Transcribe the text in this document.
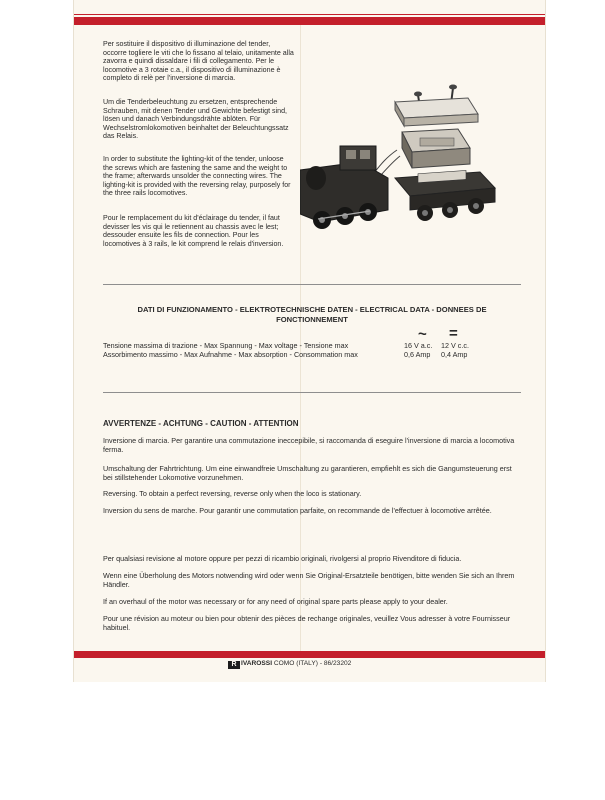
Per sostituire il dispositivo di illuminazione del tender, occorre togliere le viti che lo fissano al telaio, unitamente alla zavorra e quindi dissaldare i fili di collegamento. Per le locomotive a 3 rotaie c.a., il dispositivo di illuminazione è completo di relè per l'inversione di marcia.

Um die Tenderbeleuchtung zu ersetzen, entsprechende Schrauben, mit denen Tender und Gewichte befestigt sind, lösen und danach Verbindungsdrähte ablöten. Für Wechselstromlokomotiven beinhaltet der Beleuchtungssatz das Relais.

In order to substitute the lighting-kit of the tender, unloose the screws which are fastening the same and the weight to the frame; afterwards unsolder the connecting wires. The lighting-kit is provided with the reversing relay, purposely for the three rails locomotives.

Pour le remplacement du kit d'éclairage du tender, il faut devisser les vis qui le retiennent au chassis avec le lest; dessouder ensuite les fils de connection. Pour les locomotives à 3 rails, le kit comprend le relais d'inversion.

DATI DI FUNZIONAMENTO - ELEKTROTECHNISCHE DATEN - ELECTRICAL DATA - DONNEES DE FONCTIONNEMENT

~ =
Tensione massima di trazione - Max Spannung - Max voltage - Tensione max	16 V a.c. 12 V c.c.
Assorbimento massimo - Max Aufnahme - Max absorption - Consommation max	0,6 Amp 0,4 Amp

AVVERTENZE - ACHTUNG - CAUTION - ATTENTION

Inversione di marcia. Per garantire una commutazione ineccepibile, si raccomanda di eseguire l'inversione di marcia a locomotiva ferma.

Umschaltung der Fahrtrichtung. Um eine einwandfreie Umschaltung zu garantieren, empfiehlt es sich die Gangumsteuerung erst bei stillstehender Lokomotive vorzunehmen.

Reversing. To obtain a perfect reversing, reverse only when the loco is stationary.

Inversion du sens de marche. Pour garantir une commutation parfaite, on recommande de l'effectuer à locomotive arrêtée.

Per qualsiasi revisione al motore oppure per pezzi di ricambio originali, rivolgersi al proprio Rivenditore di fiducia.

Wenn eine Überholung des Motors notwending wird oder wenn Sie Original-Ersatzteile benötigen, bitte wenden Sie sich an Ihrem Händler.

If an overhaul of the motor was necessary or for any need of original spare parts please apply to your dealer.

Pour une révision au moteur ou bien pour obtenir des pièces de rechange originales, veuillez Vous adresser à votre Fournisseur habituel.

R IVAROSSI COMO (ITALY) - 86/23202
